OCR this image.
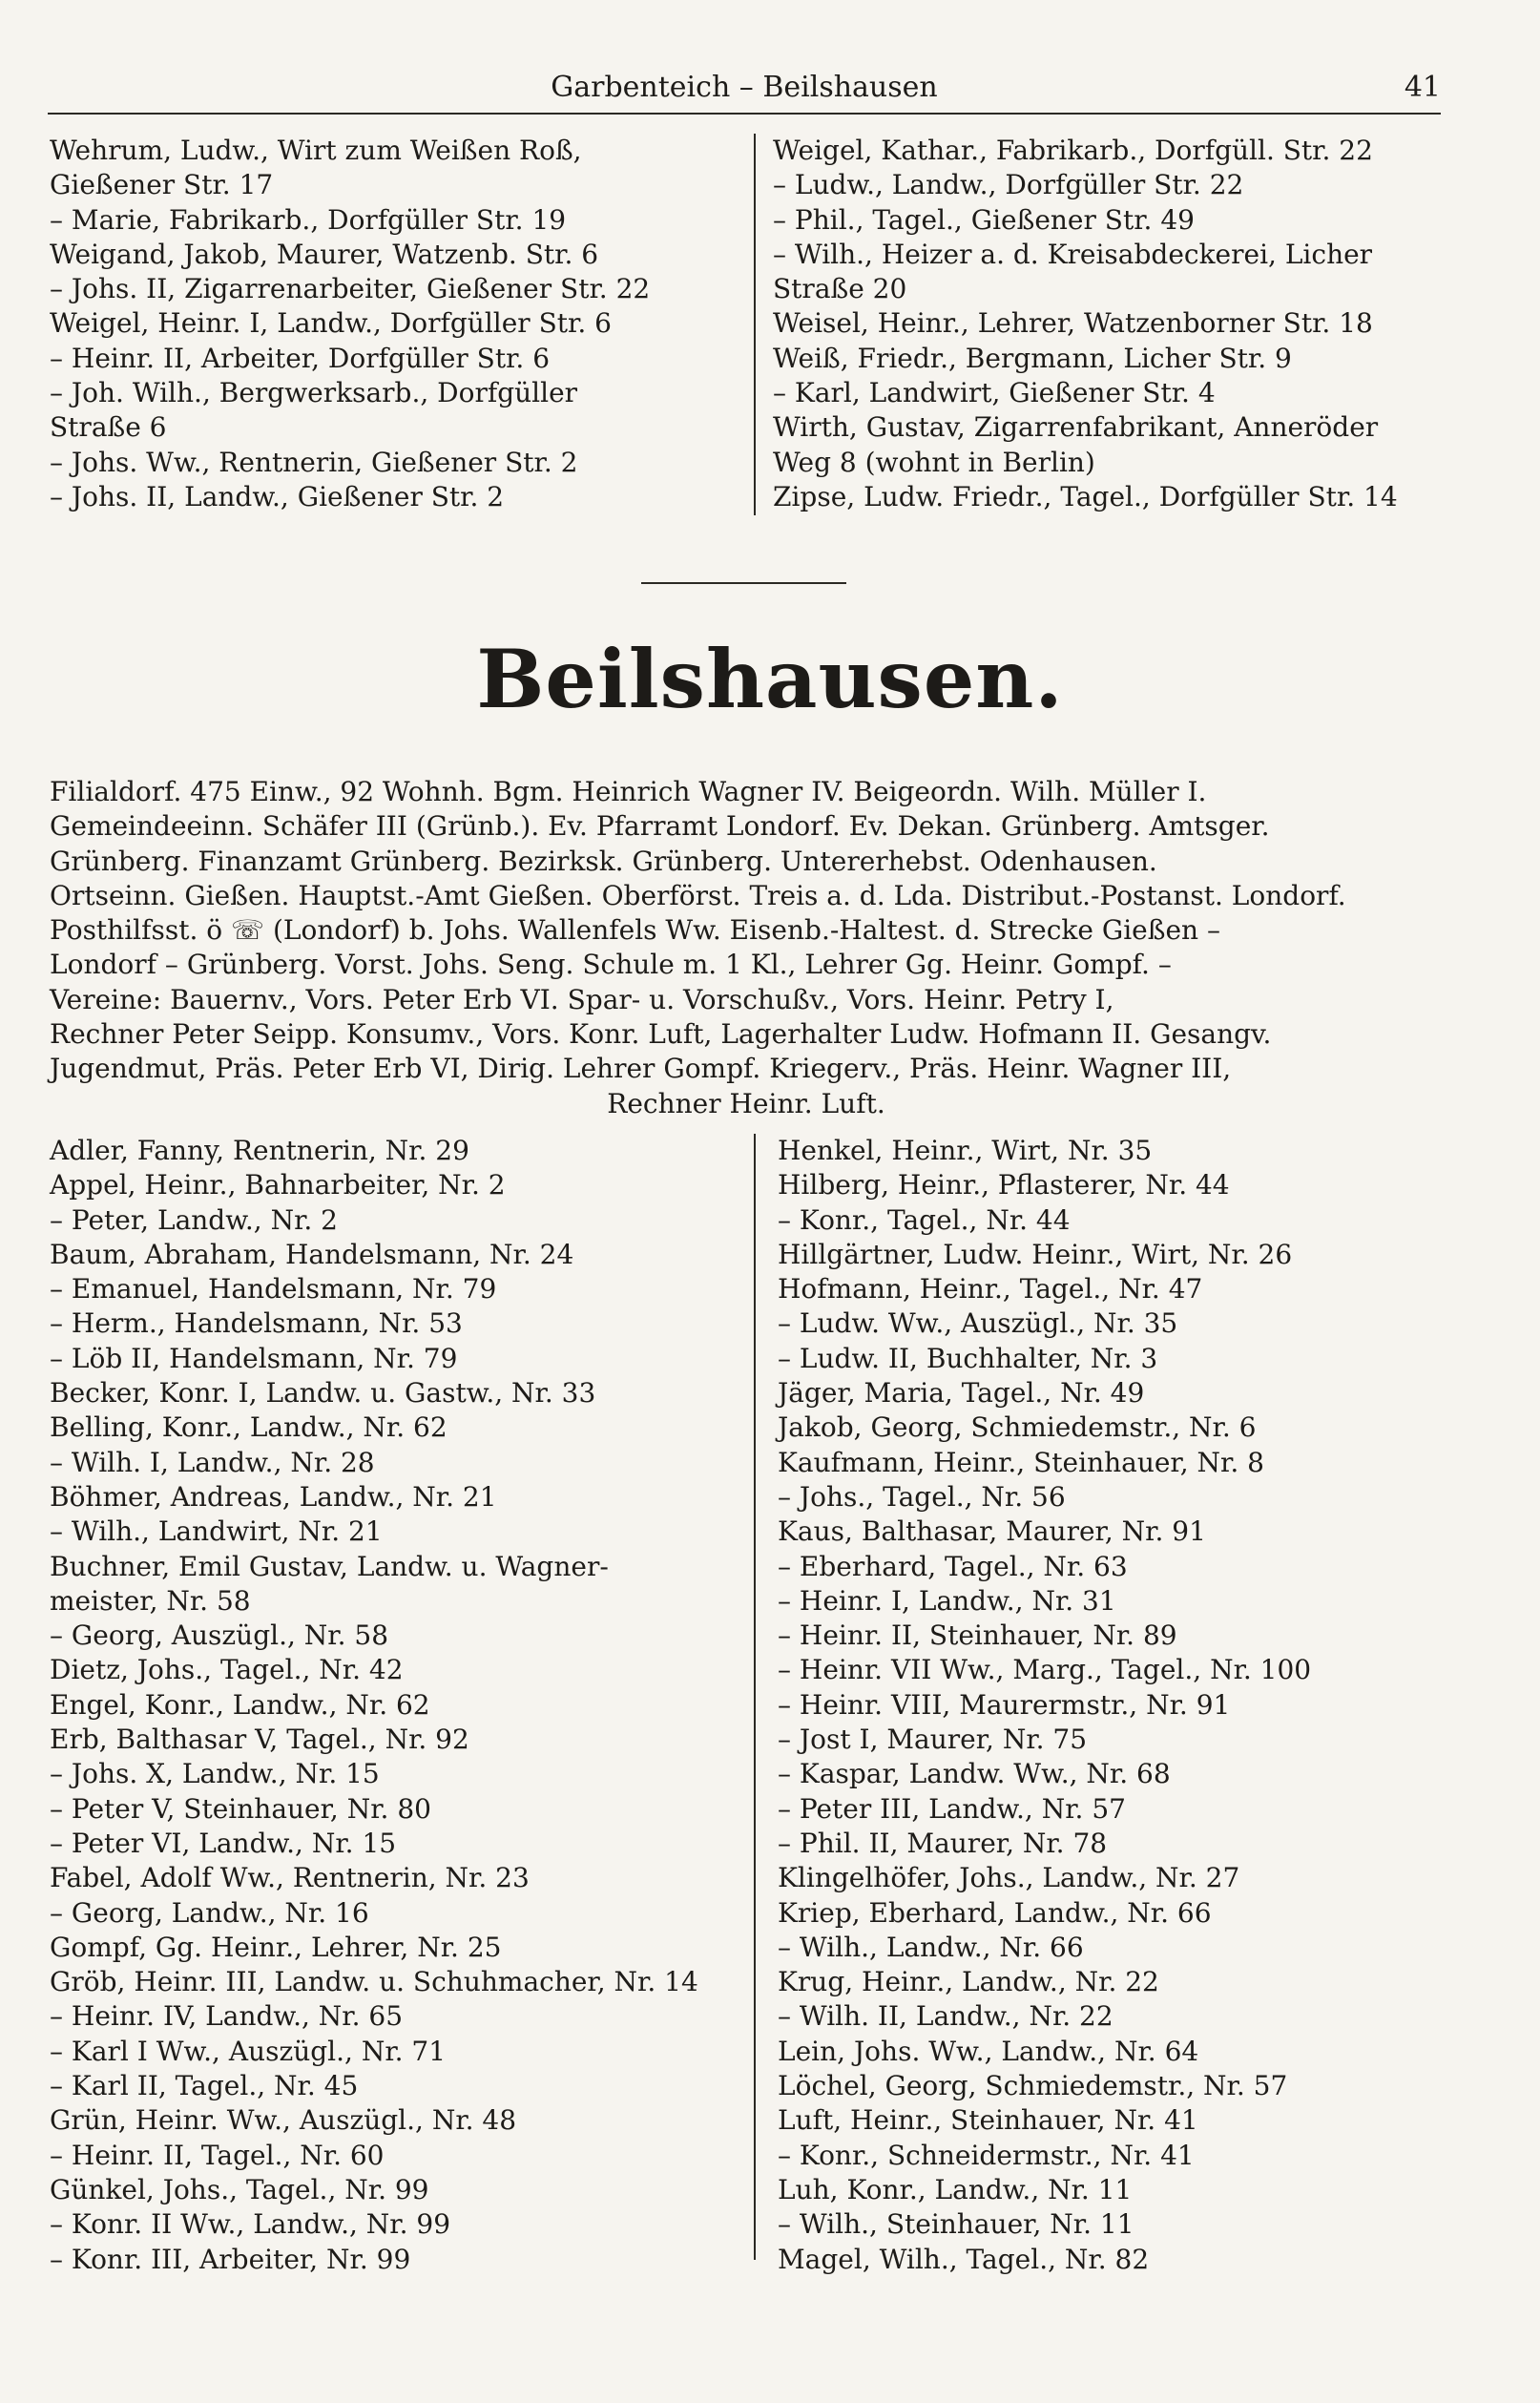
Garbenteich – Beilshausen	41
Wehrum, Ludw., Wirt zum Weißen Roß,
Gießener Str. 17
– Marie, Fabrikarb., Dorfgüller Str. 19
Weigand, Jakob, Maurer, Watzenb. Str. 6
– Johs. II, Zigarrenarbeiter, Gießener Str. 22
Weigel, Heinr. I, Landw., Dorfgüller Str. 6
– Heinr. II, Arbeiter, Dorfgüller Str. 6
– Joh. Wilh., Bergwerksarb., Dorfgüller
Straße 6
– Johs. Ww., Rentnerin, Gießener Str. 2
– Johs. II, Landw., Gießener Str. 2
Weigel, Kathar., Fabrikarb., Dorfgüll. Str. 22
– Ludw., Landw., Dorfgüller Str. 22
– Phil., Tagel., Gießener Str. 49
– Wilh., Heizer a. d. Kreisabdeckerei, Licher
Straße 20
Weisel, Heinr., Lehrer, Watzenborner Str. 18
Weiß, Friedr., Bergmann, Licher Str. 9
– Karl, Landwirt, Gießener Str. 4
Wirth, Gustav, Zigarrenfabrikant, Anneröder
Weg 8 (wohnt in Berlin)
Zipse, Ludw. Friedr., Tagel., Dorfgüller Str. 14
Beilshausen.
Filialdorf. 475 Einw., 92 Wohnh. Bgm. Heinrich Wagner IV. Beigeordn. Wilh. Müller I.
Gemeindeeinn. Schäfer III (Grünb.). Ev. Pfarramt Londorf. Ev. Dekan. Grünberg. Amtsger.
Grünberg. Finanzamt Grünberg. Bezirksk. Grünberg. Untererhebst. Odenhausen.
Ortseinn. Gießen. Hauptst.-Amt Gießen. Oberförst. Treis a. d. Lda. Distribut.-Postanst. Londorf.
Posthilfsst. ö ☏ (Londorf) b. Johs. Wallenfels Ww. Eisenb.-Haltest. d. Strecke Gießen –
Londorf – Grünberg. Vorst. Johs. Seng. Schule m. 1 Kl., Lehrer Gg. Heinr. Gompf. –
Vereine: Bauernv., Vors. Peter Erb VI. Spar- u. Vorschußv., Vors. Heinr. Petry I,
Rechner Peter Seipp. Konsumv., Vors. Konr. Luft, Lagerhalter Ludw. Hofmann II. Gesangv.
Jugendmut, Präs. Peter Erb VI, Dirig. Lehrer Gompf. Kriegerv., Präs. Heinr. Wagner III,
Rechner Heinr. Luft.
Adler, Fanny, Rentnerin, Nr. 29
Appel, Heinr., Bahnarbeiter, Nr. 2
– Peter, Landw., Nr. 2
Baum, Abraham, Handelsmann, Nr. 24
– Emanuel, Handelsmann, Nr. 79
– Herm., Handelsmann, Nr. 53
– Löb II, Handelsmann, Nr. 79
Becker, Konr. I, Landw. u. Gastw., Nr. 33
Belling, Konr., Landw., Nr. 62
– Wilh. I, Landw., Nr. 28
Böhmer, Andreas, Landw., Nr. 21
– Wilh., Landwirt, Nr. 21
Buchner, Emil Gustav, Landw. u. Wagner-
meister, Nr. 58
– Georg, Auszügl., Nr. 58
Dietz, Johs., Tagel., Nr. 42
Engel, Konr., Landw., Nr. 62
Erb, Balthasar V, Tagel., Nr. 92
– Johs. X, Landw., Nr. 15
– Peter V, Steinhauer, Nr. 80
– Peter VI, Landw., Nr. 15
Fabel, Adolf Ww., Rentnerin, Nr. 23
– Georg, Landw., Nr. 16
Gompf, Gg. Heinr., Lehrer, Nr. 25
Gröb, Heinr. III, Landw. u. Schuhmacher, Nr. 14
– Heinr. IV, Landw., Nr. 65
– Karl I Ww., Auszügl., Nr. 71
– Karl II, Tagel., Nr. 45
Grün, Heinr. Ww., Auszügl., Nr. 48
– Heinr. II, Tagel., Nr. 60
Günkel, Johs., Tagel., Nr. 99
– Konr. II Ww., Landw., Nr. 99
– Konr. III, Arbeiter, Nr. 99
Henkel, Heinr., Wirt, Nr. 35
Hilberg, Heinr., Pflasterer, Nr. 44
– Konr., Tagel., Nr. 44
Hillgärtner, Ludw. Heinr., Wirt, Nr. 26
Hofmann, Heinr., Tagel., Nr. 47
– Ludw. Ww., Auszügl., Nr. 35
– Ludw. II, Buchhalter, Nr. 3
Jäger, Maria, Tagel., Nr. 49
Jakob, Georg, Schmiedemstr., Nr. 6
Kaufmann, Heinr., Steinhauer, Nr. 8
– Johs., Tagel., Nr. 56
Kaus, Balthasar, Maurer, Nr. 91
– Eberhard, Tagel., Nr. 63
– Heinr. I, Landw., Nr. 31
– Heinr. II, Steinhauer, Nr. 89
– Heinr. VII Ww., Marg., Tagel., Nr. 100
– Heinr. VIII, Maurermstr., Nr. 91
– Jost I, Maurer, Nr. 75
– Kaspar, Landw. Ww., Nr. 68
– Peter III, Landw., Nr. 57
– Phil. II, Maurer, Nr. 78
Klingelhöfer, Johs., Landw., Nr. 27
Kriep, Eberhard, Landw., Nr. 66
– Wilh., Landw., Nr. 66
Krug, Heinr., Landw., Nr. 22
– Wilh. II, Landw., Nr. 22
Lein, Johs. Ww., Landw., Nr. 64
Löchel, Georg, Schmiedemstr., Nr. 57
Luft, Heinr., Steinhauer, Nr. 41
– Konr., Schneidermstr., Nr. 41
Luh, Konr., Landw., Nr. 11
– Wilh., Steinhauer, Nr. 11
Magel, Wilh., Tagel., Nr. 82
